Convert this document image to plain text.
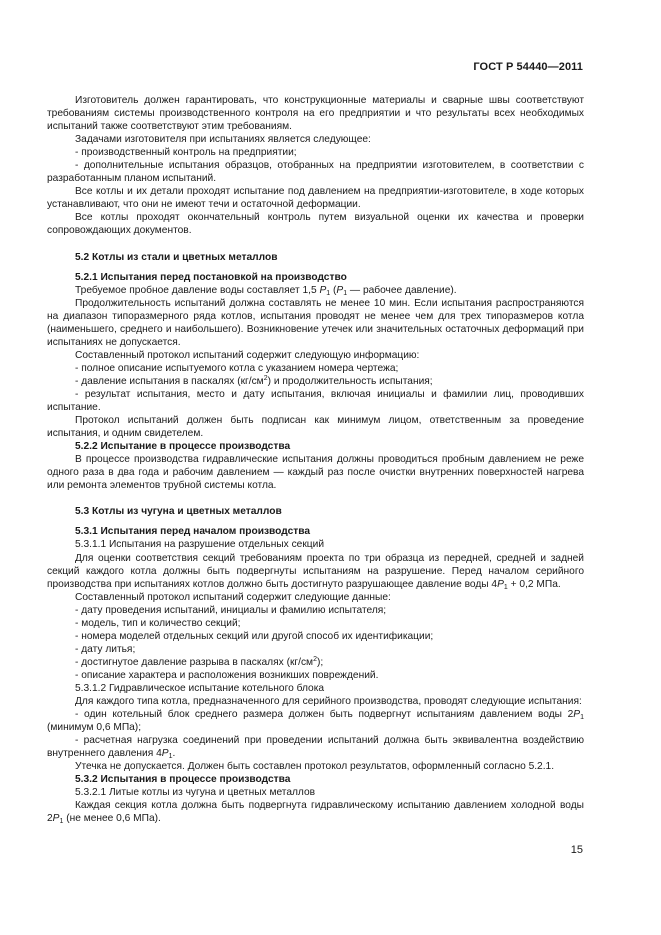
ГОСТ Р 54440—2011

Изготовитель должен гарантировать, что конструкционные материалы и сварные швы соответствуют требованиям системы производственного контроля на его предприятии и что результаты всех необходимых испытаний также соответствуют этим требованиям.

Задачами изготовителя при испытаниях является следующее:

- производственный контроль на предприятии;

- дополнительные испытания образцов, отобранных на предприятии изготовителем, в соответствии с разработанным планом испытаний.

Все котлы и их детали проходят испытание под давлением на предприятии-изготовителе, в ходе которых устанавливают, что они не имеют течи и остаточной деформации.

Все котлы проходят окончательный контроль путем визуальной оценки их качества и проверки сопровождающих документов.

5.2 Котлы из стали и цветных металлов

5.2.1 Испытания перед постановкой на производство

Требуемое пробное давление воды составляет 1,5 $P_1$ ($P_1$ — рабочее давление).

Продолжительность испытаний должна составлять не менее 10 мин. Если испытания распространяются на диапазон типоразмерного ряда котлов, испытания проводят не менее чем для трех типоразмеров котла (наименьшего, среднего и наибольшего). Возникновение утечек или значительных остаточных деформаций при испытаниях не допускается.

Составленный протокол испытаний содержит следующую информацию:

- полное описание испытуемого котла с указанием номера чертежа;

- давление испытания в паскалях $(кг/см^2)$ и продолжительность испытания;

- результат испытания, место и дату испытания, включая инициалы и фамилии лиц, проводивших испытание.

Протокол испытаний должен быть подписан как минимум лицом, ответственным за проведение испытания, и одним свидетелем.

5.2.2 Испытание в процессе производства

В процессе производства гидравлические испытания должны проводиться пробным давлением не реже одного раза в два года и рабочим давлением — каждый раз после очистки внутренних поверхностей нагрева или ремонта элементов трубной системы котла.

5.3 Котлы из чугуна и цветных металлов

5.3.1 Испытания перед началом производства

5.3.1.1 Испытания на разрушение отдельных секций

Для оценки соответствия секций требованиям проекта по три образца из передней, средней и задней секций каждого котла должны быть подвергнуты испытаниям на разрушение. Перед началом серийного производства при испытаниях котлов должно быть достигнуто разрушающее давление воды $4P_1 + 0,2$ МПа.

Составленный протокол испытаний содержит следующие данные:

- дату проведения испытаний, инициалы и фамилию испытателя;

- модель, тип и количество секций;

- номера моделей отдельных секций или другой способ их идентификации;

- дату литья;

- достигнутое давление разрыва в паскалях $(кг/см^2)$;

- описание характера и расположения возникших повреждений.

5.3.1.2 Гидравлическое испытание котельного блока

Для каждого типа котла, предназначенного для серийного производства, проводят следующие испытания:

- один котельный блок среднего размера должен быть подвергнут испытаниям давлением воды $2P_1$ (минимум 0,6 МПа);

- расчетная нагрузка соединений при проведении испытаний должна быть эквивалентна воздействию внутреннего давления $4P_1$.

Утечка не допускается. Должен быть составлен протокол результатов, оформленный согласно 5.2.1.

5.3.2 Испытания в процессе производства

5.3.2.1 Литые котлы из чугуна и цветных металлов

Каждая секция котла должна быть подвергнута гидравлическому испытанию давлением холодной воды $2P_1$ (не менее 0,6 МПа).

15
